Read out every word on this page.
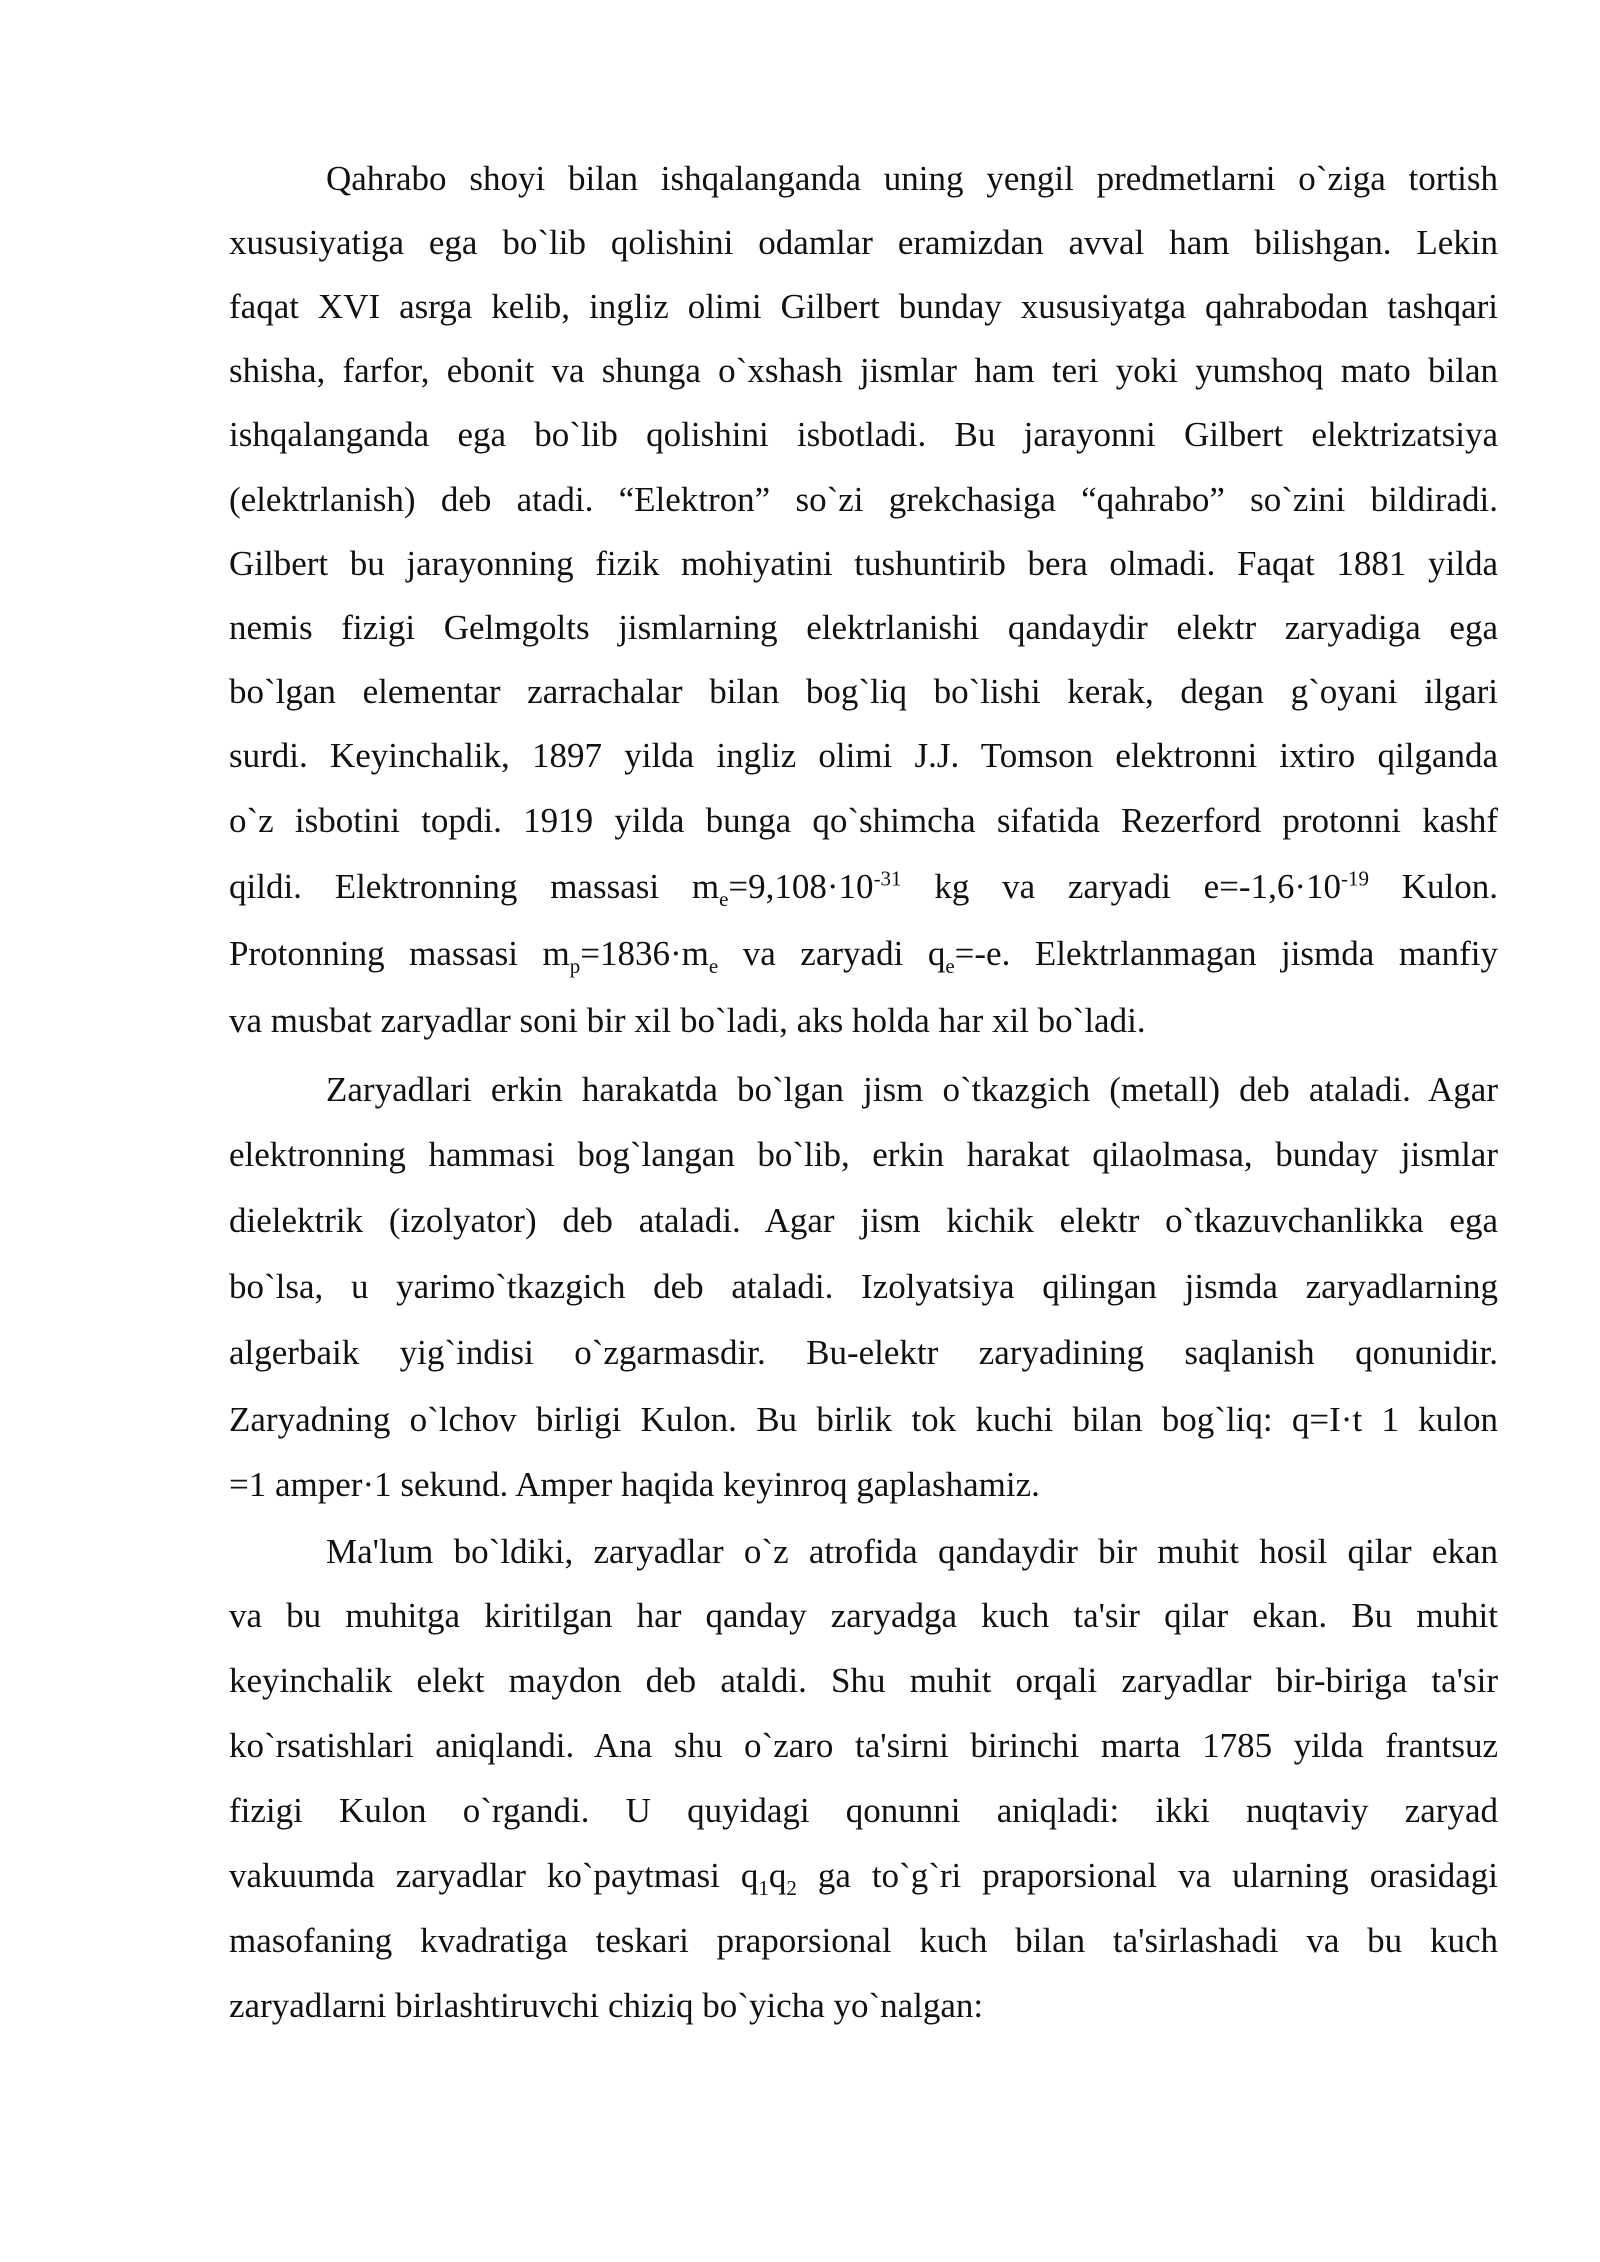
Qahrabo shoyi bilan ishqalanganda uning yengil predmetlarni o`ziga tortish
xususiyatiga ega bo`lib qolishini odamlar eramizdan avval ham bilishgan. Lekin
faqat XVI asrga kelib, ingliz olimi Gilbert bunday xususiyatga qahrabodan tashqari
shisha, farfor, ebonit va shunga o`xshash jismlar ham teri yoki yumshoq mato bilan
ishqalanganda ega bo`lib qolishini isbotladi. Bu jarayonni Gilbert elektrizatsiya
(elektrlanish) deb atadi. “Elektron” so`zi grekchasiga “qahrabo” so`zini bildiradi.
Gilbert bu jarayonning fizik mohiyatini tushuntirib bera olmadi. Faqat 1881 yilda
nemis fizigi Gelmgolts jismlarning elektrlanishi qandaydir elektr zaryadiga ega
bo`lgan elementar zarrachalar bilan bog`liq bo`lishi kerak, degan g`oyani ilgari
surdi. Keyinchalik, 1897 yilda ingliz olimi J.J. Tomson elektronni ixtiro qilganda
o`z isbotini topdi. 1919 yilda bunga qo`shimcha sifatida Rezerford protonni kashf
qildi. Elektronning massasi $m_e=9,108\cdot 10^{-31}$ kg va zaryadi $e=-1,6\cdot 10^{-19}$ Kulon.
Protonning massasi $m_p=1836\cdot m_e$ va zaryadi $q_e=-e$. Elektrlanmagan jismda manfiy
va musbat zaryadlar soni bir xil bo`ladi, aks holda har xil bo`ladi.
Zaryadlari erkin harakatda bo`lgan jism o`tkazgich (metall) deb ataladi. Agar
elektronning hammasi bog`langan bo`lib, erkin harakat qilaolmasa, bunday jismlar
dielektrik (izolyator) deb ataladi. Agar jism kichik elektr o`tkazuvchanlikka ega
bo`lsa, u yarimo`tkazgich deb ataladi. Izolyatsiya qilingan jismda zaryadlarning
algerbaik yig`indisi o`zgarmasdir. Bu-elektr zaryadining saqlanish qonunidir.
Zaryadning o`lchov birligi Kulon. Bu birlik tok kuchi bilan bog`liq: q=I·t 1 kulon
=1 amper·1 sekund. Amper haqida keyinroq gaplashamiz.
Ma'lum bo`ldiki, zaryadlar o`z atrofida qandaydir bir muhit hosil qilar ekan
va bu muhitga kiritilgan har qanday zaryadga kuch ta'sir qilar ekan. Bu muhit
keyinchalik elekt maydon deb ataldi. Shu muhit orqali zaryadlar bir-biriga ta'sir
ko`rsatishlari aniqlandi. Ana shu o`zaro ta'sirni birinchi marta 1785 yilda frantsuz
fizigi Kulon o`rgandi. U quyidagi qonunni aniqladi: ikki nuqtaviy zaryad
vakuumda zaryadlar ko`paytmasi $q_1q_2$ ga to`g`ri praporsional va ularning orasidagi
masofaning kvadratiga teskari praporsional kuch bilan ta'sirlashadi va bu kuch
zaryadlarni birlashtiruvchi chiziq bo`yicha yo`nalgan:
